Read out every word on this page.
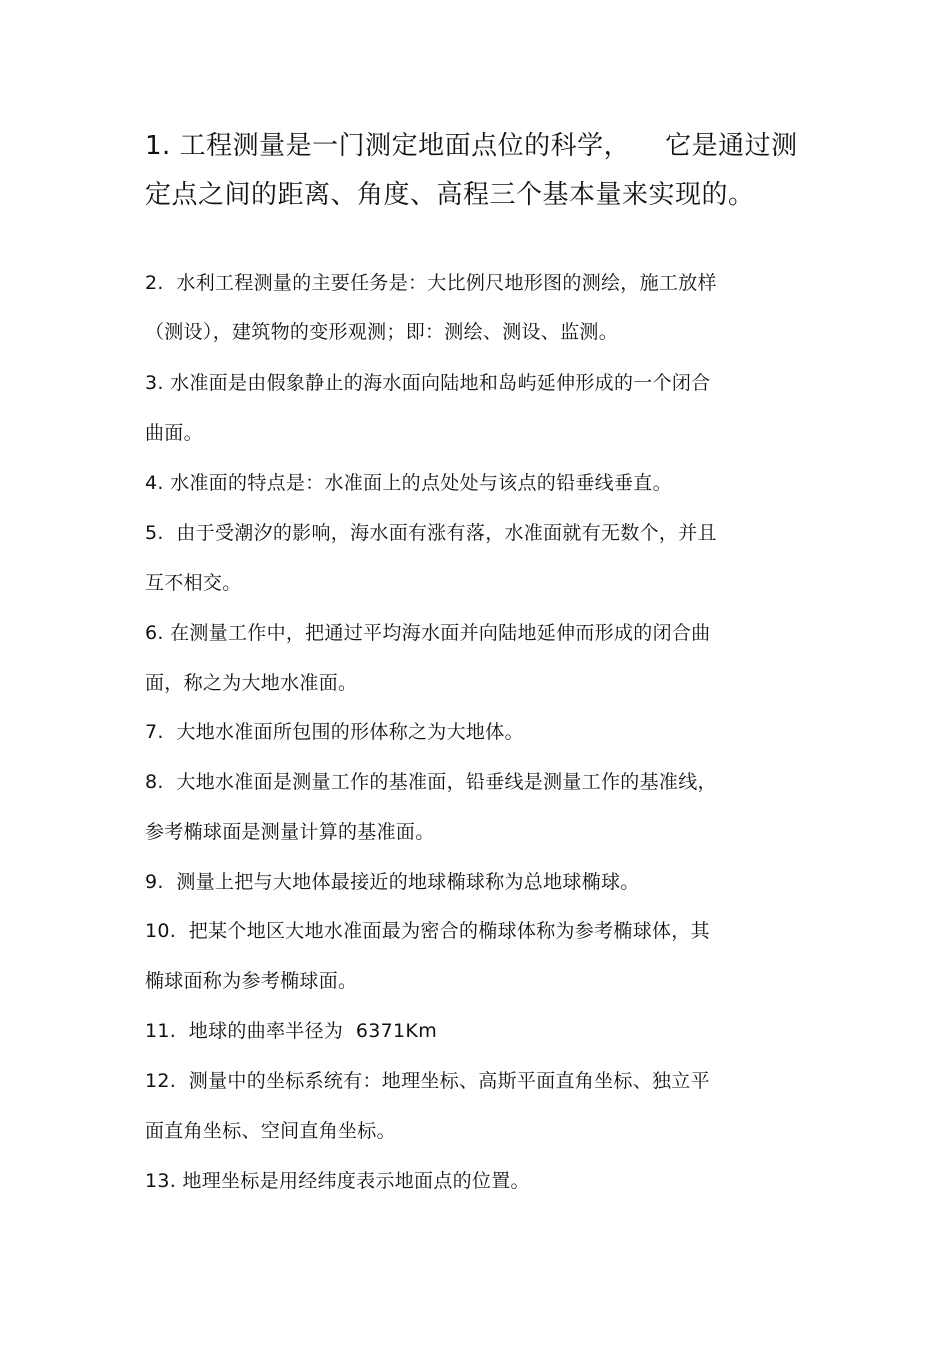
1. 工程测量是一门测定地面点位的科学，    它是通过测
定点之间的距离、角度、高程三个基本量来实现的。
2.  水利工程测量的主要任务是：大比例尺地形图的测绘，施工放样
（测设），建筑物的变形观测；即：测绘、测设、监测。
3. 水准面是由假象静止的海水面向陆地和岛屿延伸形成的一个闭合
曲面。
4. 水准面的特点是：水准面上的点处处与该点的铅垂线垂直。
5.  由于受潮汐的影响，海水面有涨有落，水准面就有无数个，并且
互不相交。
6. 在测量工作中，把通过平均海水面并向陆地延伸而形成的闭合曲
面，称之为大地水准面。
7.  大地水准面所包围的形体称之为大地体。
8.  大地水准面是测量工作的基准面，铅垂线是测量工作的基准线，
参考椭球面是测量计算的基准面。
9.  测量上把与大地体最接近的地球椭球称为总地球椭球。
10.  把某个地区大地水准面最为密合的椭球体称为参考椭球体，其
椭球面称为参考椭球面。
11.  地球的曲率半径为  6371Km
12.  测量中的坐标系统有：地理坐标、高斯平面直角坐标、独立平
面直角坐标、空间直角坐标。
13. 地理坐标是用经纬度表示地面点的位置。
